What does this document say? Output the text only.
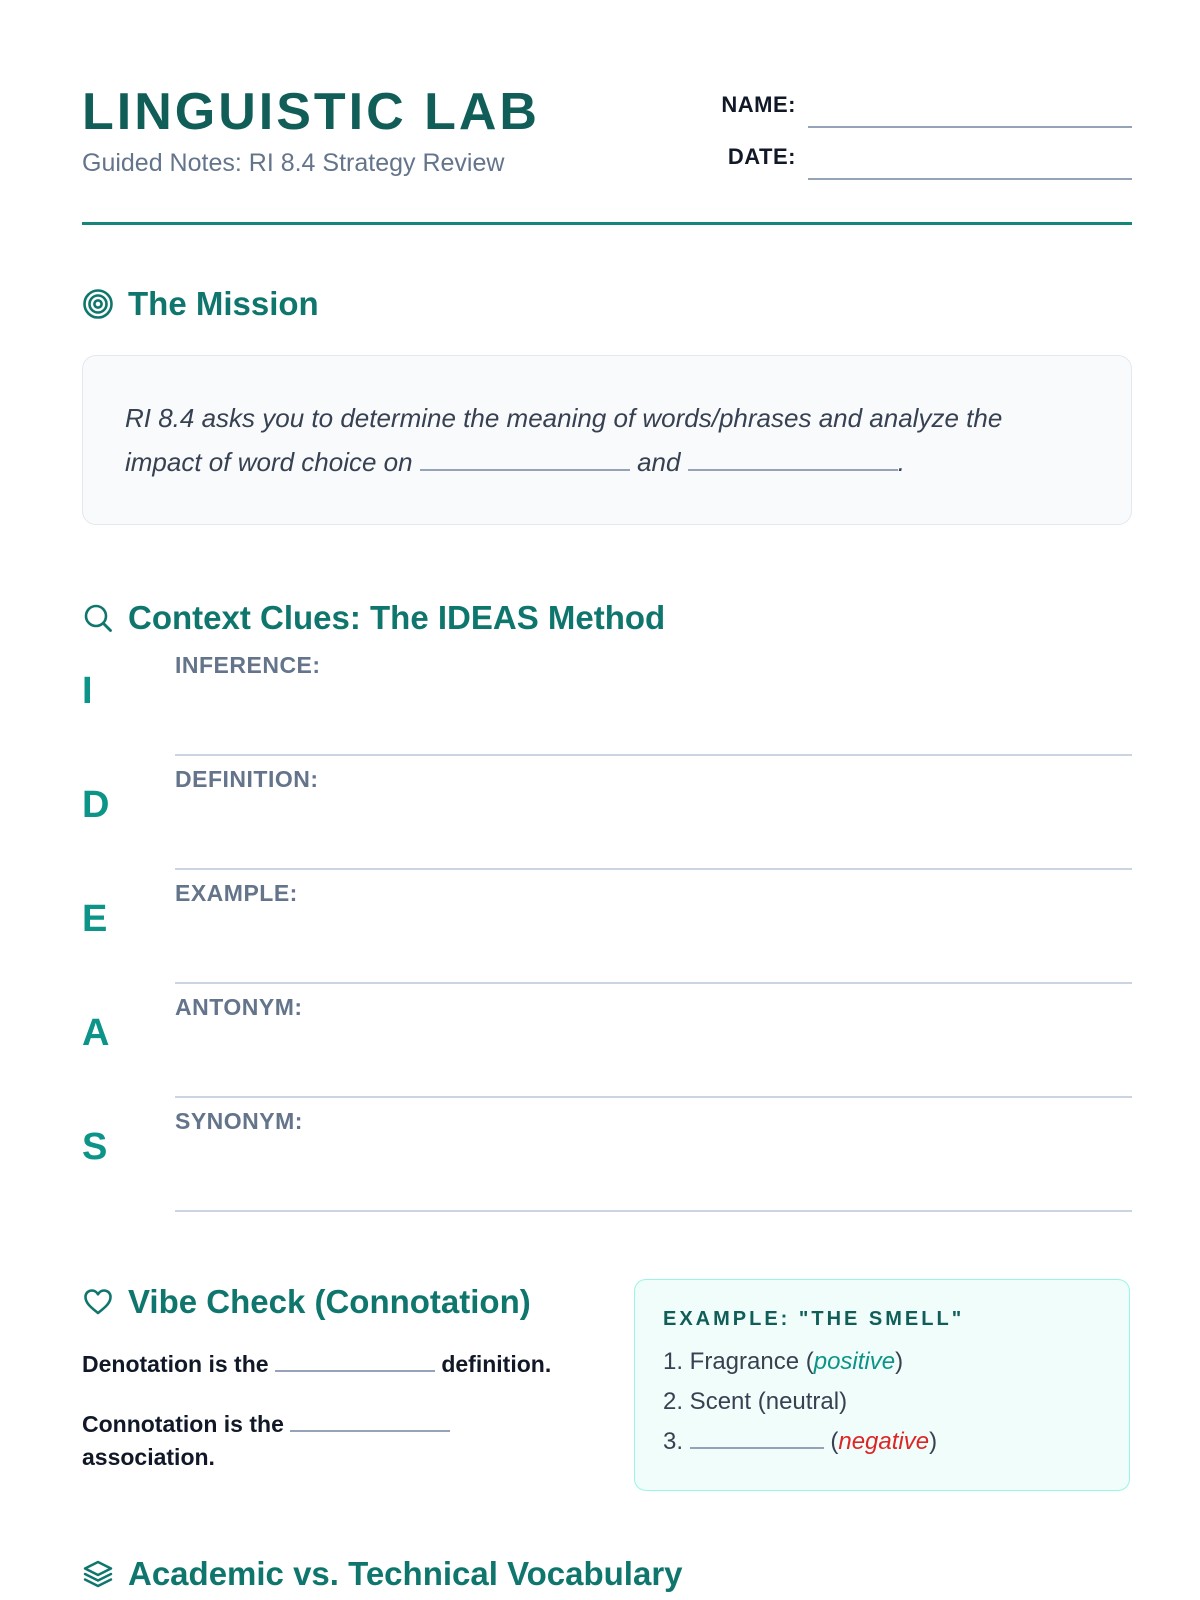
LINGUISTIC LAB
Guided Notes: RI 8.4 Strategy Review
NAME:
DATE:
The Mission
RI 8.4 asks you to determine the meaning of words/phrases and analyze the impact of word choice on	and	.
Context Clues: The IDEAS Method
I
INFERENCE:
D
DEFINITION:
E
EXAMPLE:
A
ANTONYM:
S
SYNONYM:
Vibe Check (Connotation)
Denotation is the	definition.
Connotation is the  association.
EXAMPLE: "THE SMELL"
1. Fragrance (positive)
2. Scent (neutral)
3.	(negative)
Academic vs. Technical Vocabulary
